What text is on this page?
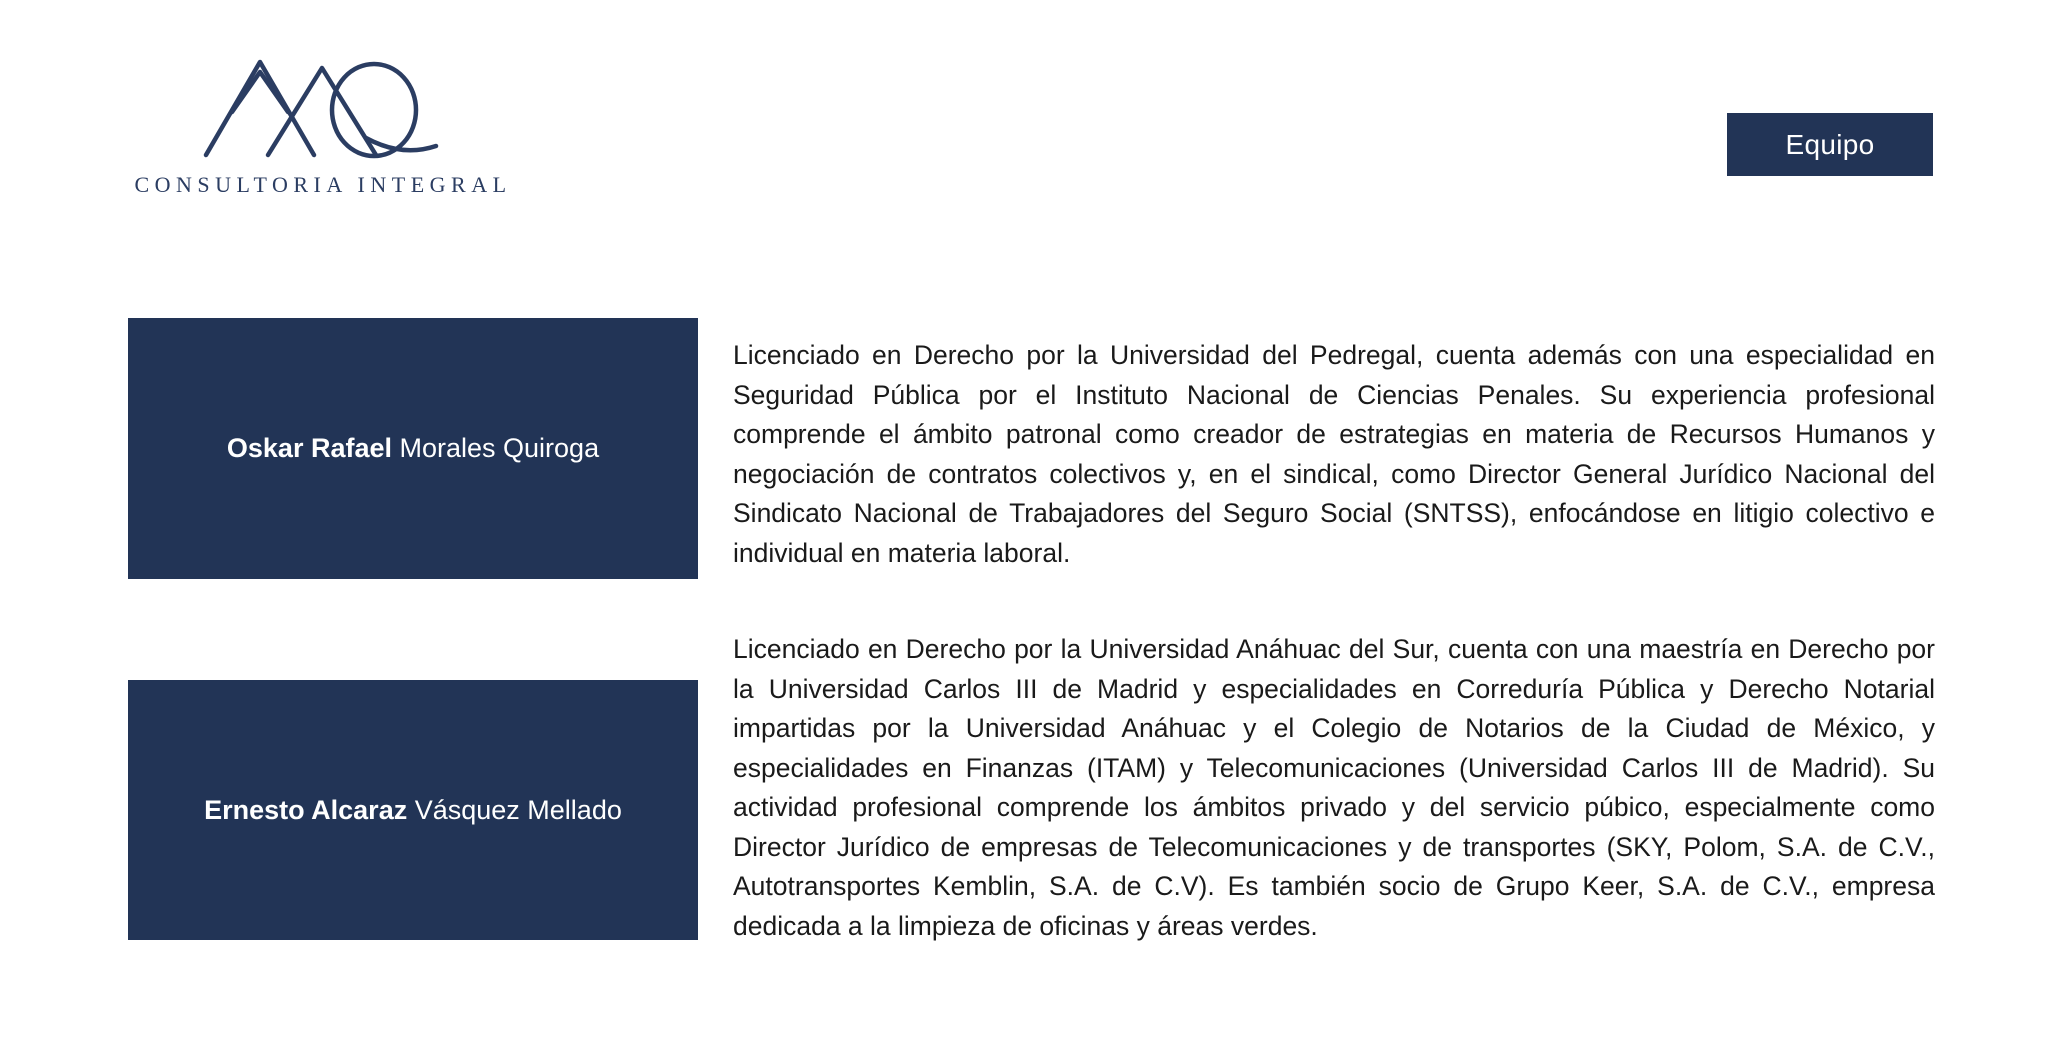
CONSULTORIA INTEGRAL
Equipo
Oskar Rafael Morales Quiroga

Licenciado en Derecho por la Universidad del Pedregal, cuenta además con una especialidad en Seguridad Pública por el Instituto Nacional de Ciencias Penales. Su experiencia profesional comprende el ámbito patronal como creador de estrategias en materia de Recursos Humanos y negociación de contratos colectivos y, en el sindical, como Director General Jurídico Nacional del Sindicato Nacional de Trabajadores del Seguro Social (SNTSS), enfocándose en litigio colectivo e individual en materia laboral.

Ernesto Alcaraz Vásquez Mellado

Licenciado en Derecho por la Universidad Anáhuac del Sur, cuenta con una maestría en Derecho por la Universidad Carlos III de Madrid y especialidades en Correduría Pública y Derecho Notarial impartidas por la Universidad Anáhuac y el Colegio de Notarios de la Ciudad de México, y especialidades en Finanzas (ITAM) y Telecomunicaciones (Universidad Carlos III de Madrid). Su actividad profesional comprende los ámbitos privado y del servicio púbico, especialmente como Director Jurídico de empresas de Telecomunicaciones y de transportes (SKY, Polom, S.A. de C.V., Autotransportes Kemblin, S.A. de C.V). Es también socio de Grupo Keer, S.A. de C.V., empresa dedicada a la limpieza de oficinas y áreas verdes.
